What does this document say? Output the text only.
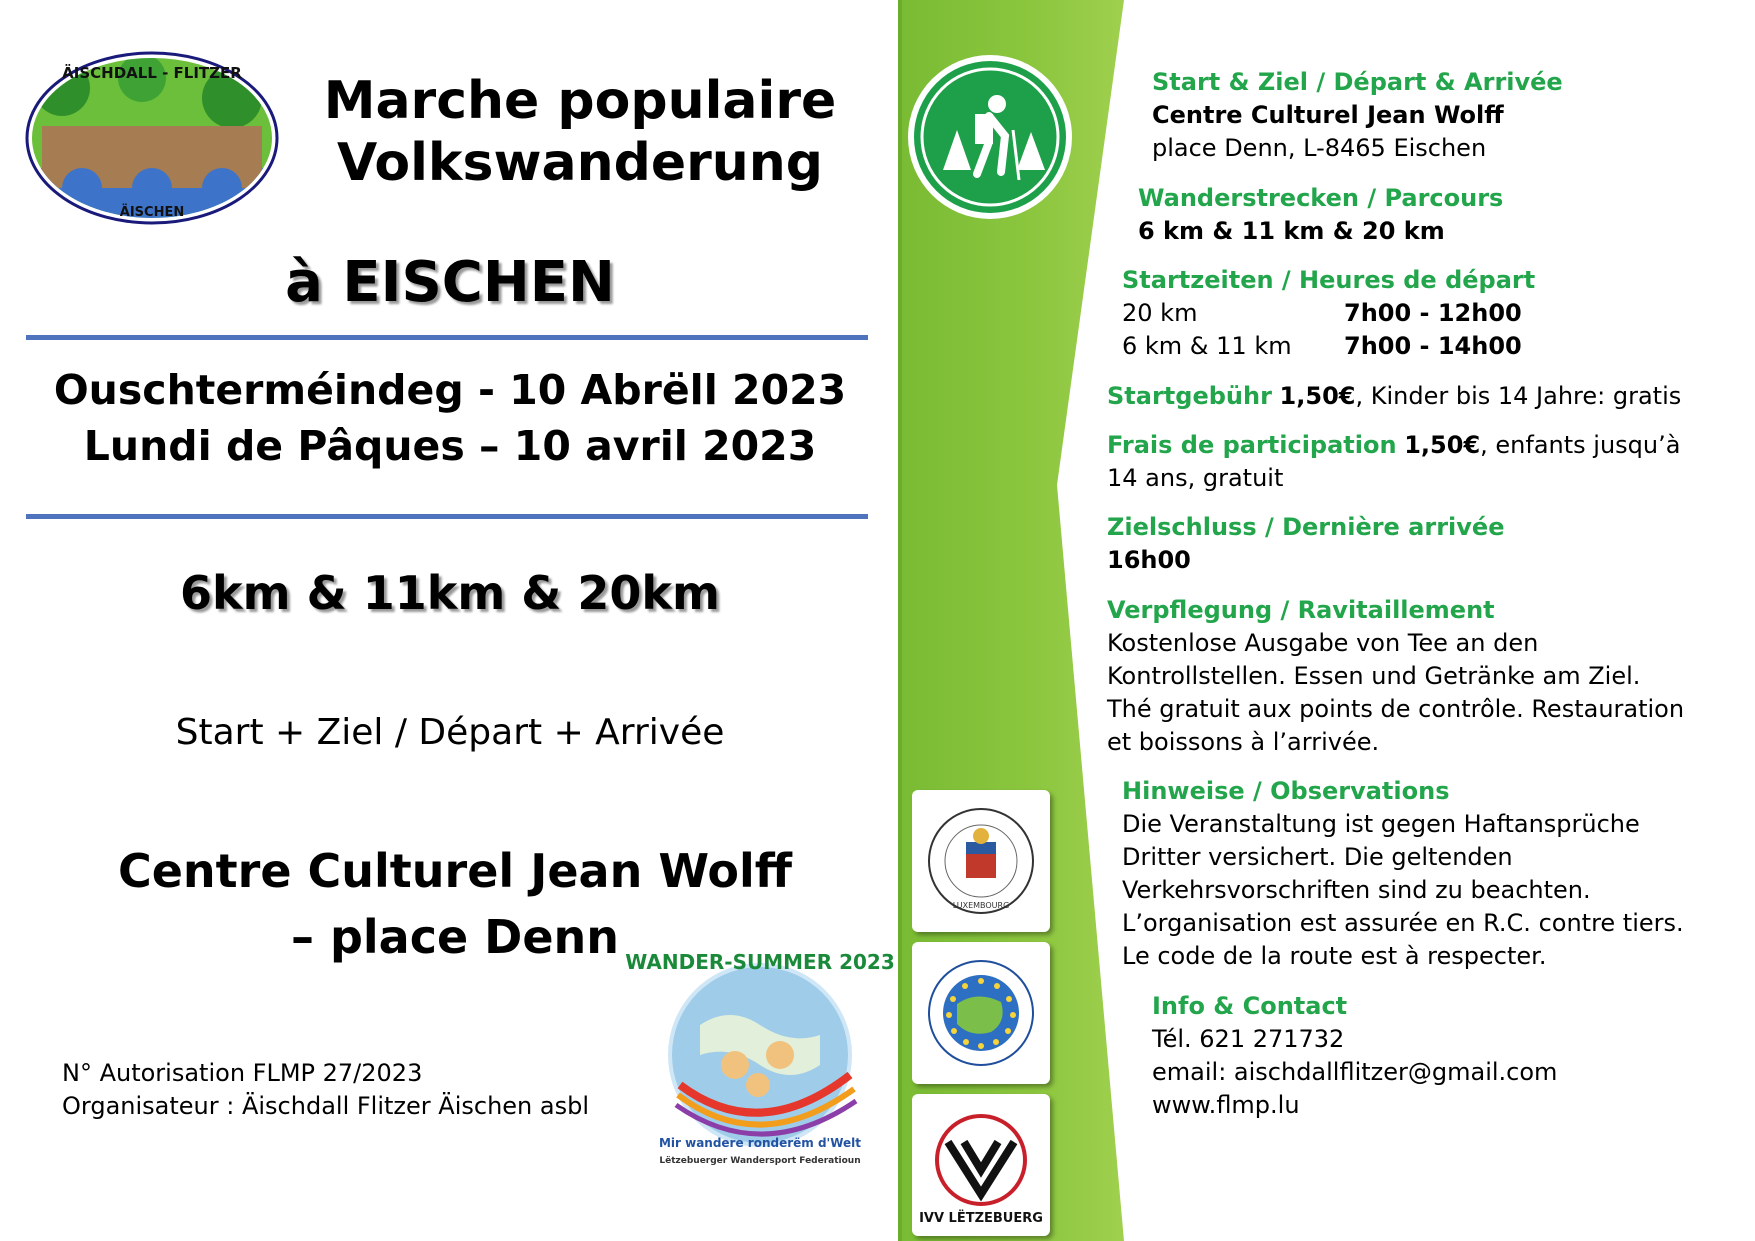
ÄISCHDALL - FLITZER
ÄISCHEN
Marche populaire
Volkswanderung
à EISCHEN
Ouschterméindeg - 10 Abrëll 2023
Lundi de Pâques – 10 avril 2023
6km & 11km & 20km
Start + Ziel / Départ + Arrivée
Centre Culturel Jean Wolff
– place Denn
N° Autorisation FLMP 27/2023
Organisateur : Äischdall Flitzer Äischen asbl
WANDER-SUMMER 2023
Mir wandere ronderëm d'Welt
Lëtzebuerger Wandersport Federatioun
LUXEMBOURG
IVV LËTZEBUERG
Start & Ziel / Départ & Arrivée
Centre Culturel Jean Wolff
place Denn, L-8465 Eischen
Wanderstrecken / Parcours
6 km & 11 km & 20 km
Startzeiten / Heures de départ
20 km	7h00 - 12h00
6 km & 11 km 7h00 - 14h00
Startgebühr 1,50€, Kinder bis 14 Jahre: gratis
Frais de participation 1,50€, enfants jusqu’à
14 ans, gratuit
Zielschluss / Dernière arrivée
16h00
Verpflegung / Ravitaillement
Kostenlose Ausgabe von Tee an den
Kontrollstellen. Essen und Getränke am Ziel.
Thé gratuit aux points de contrôle. Restauration
et boissons à l’arrivée.
Hinweise / Observations
Die Veranstaltung ist gegen Haftansprüche
Dritter versichert. Die geltenden
Verkehrsvorschriften sind zu beachten.
L’organisation est assurée en R.C. contre tiers.
Le code de la route est à respecter.
Info & Contact
Tél. 621 271732
email: aischdallflitzer@gmail.com
www.flmp.lu
